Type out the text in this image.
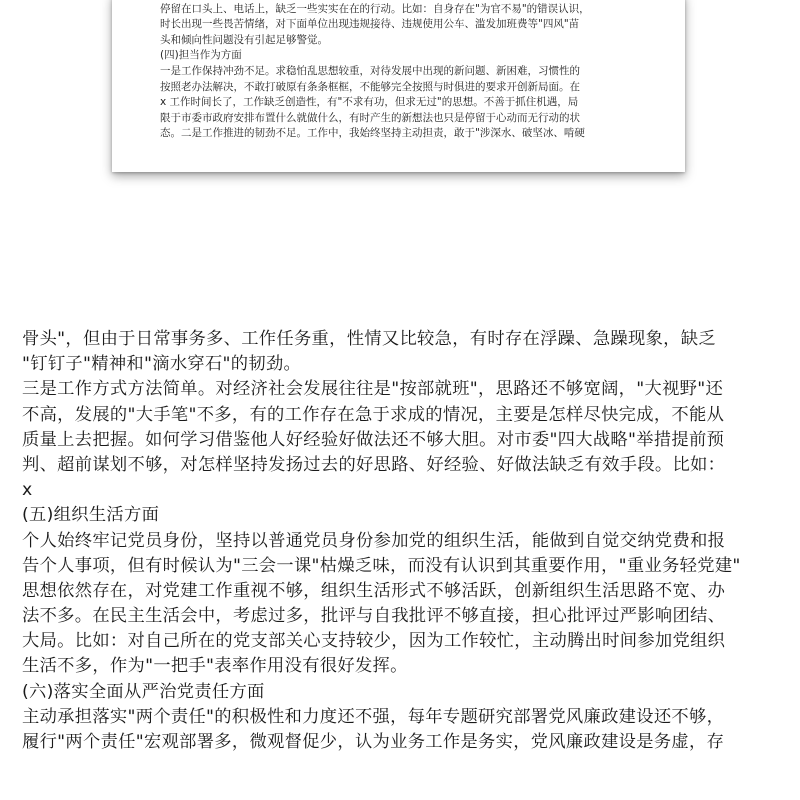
停留在口头上、电话上，缺乏一些实实在在的行动。比如：自身存在"为官不易"的错误认识，
时长出现一些畏苦情绪，对下面单位出现违规接待、违规使用公车、滥发加班费等"四风"苗
头和倾向性问题没有引起足够警觉。
(四)担当作为方面
一是工作保持冲劲不足。求稳怕乱思想较重，对待发展中出现的新问题、新困难，习惯性的
按照老办法解决，不敢打破原有条条框框，不能够完全按照与时俱进的要求开创新局面。在
x 工作时间长了，工作缺乏创造性，有"不求有功，但求无过"的思想。不善于抓住机遇，局
限于市委市政府安排布置什么就做什么，有时产生的新想法也只是停留于心动而无行动的状
态。二是工作推进的韧劲不足。工作中，我始终坚持主动担责，敢于"涉深水、破坚冰、啃硬
骨头"，但由于日常事务多、工作任务重，性情又比较急，有时存在浮躁、急躁现象，缺乏
"钉钉子"精神和"滴水穿石"的韧劲。
三是工作方式方法简单。对经济社会发展往往是"按部就班"，思路还不够宽阔，"大视野"还
不高，发展的"大手笔"不多，有的工作存在急于求成的情况，主要是怎样尽快完成，不能从
质量上去把握。如何学习借鉴他人好经验好做法还不够大胆。对市委"四大战略"举措提前预
判、超前谋划不够，对怎样坚持发扬过去的好思路、好经验、好做法缺乏有效手段。比如：
x
(五)组织生活方面
个人始终牢记党员身份，坚持以普通党员身份参加党的组织生活，能做到自觉交纳党费和报
告个人事项，但有时候认为"三会一课"枯燥乏味，而没有认识到其重要作用，"重业务轻党建"
思想依然存在，对党建工作重视不够，组织生活形式不够活跃，创新组织生活思路不宽、办
法不多。在民主生活会中，考虑过多，批评与自我批评不够直接，担心批评过严影响团结、
大局。比如：对自己所在的党支部关心支持较少，因为工作较忙，主动腾出时间参加党组织
生活不多，作为"一把手"表率作用没有很好发挥。
(六)落实全面从严治党责任方面
主动承担落实"两个责任"的积极性和力度还不强，每年专题研究部署党风廉政建设还不够，
履行"两个责任"宏观部署多，微观督促少，认为业务工作是务实，党风廉政建设是务虚，存
